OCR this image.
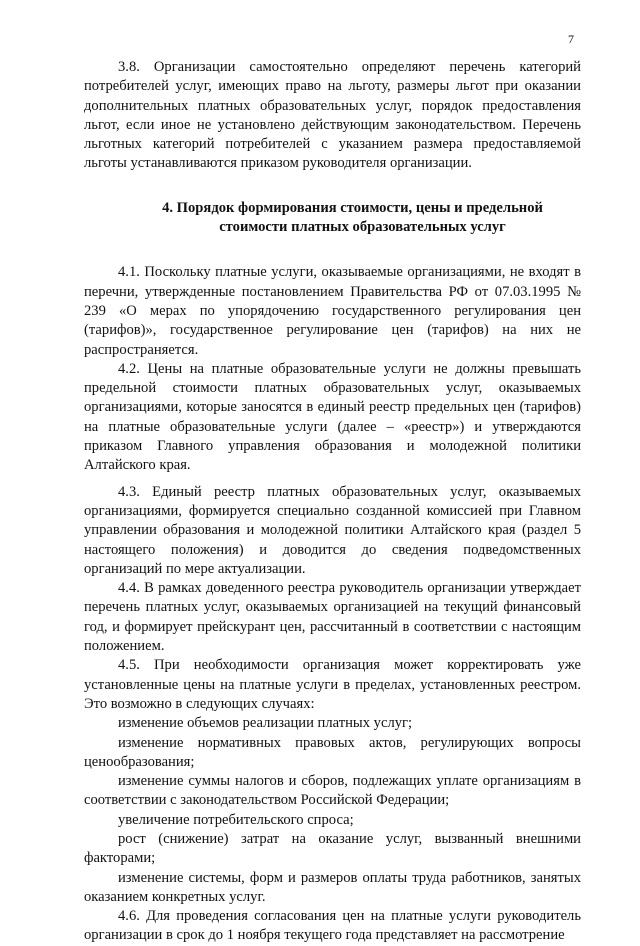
7

3.8. Организации самостоятельно определяют перечень категорий потребителей услуг, имеющих право на льготу, размеры льгот при оказании дополнительных платных образовательных услуг, порядок предоставления льгот, если иное не установлено действующим законодательством. Перечень льготных категорий потребителей с указанием размера предоставляемой льготы устанавливаются приказом руководителя организации.

4. Порядок формирования стоимости, цены и предельной
стоимости платных образовательных услуг

4.1. Поскольку платные услуги, оказываемые организациями, не входят в перечни, утвержденные постановлением Правительства РФ от 07.03.1995 № 239 «О мерах по упорядочению государственного регулирования цен (тарифов)», государственное регулирование цен (тарифов) на них не распространяется.

4.2. Цены на платные образовательные услуги не должны превышать предельной стоимости платных образовательных услуг, оказываемых организациями, которые заносятся в единый реестр предельных цен (тарифов) на платные образовательные услуги (далее – «реестр») и утверждаются приказом Главного управления образования и молодежной политики Алтайского края.

4.3. Единый реестр платных образовательных услуг, оказываемых организациями, формируется специально созданной комиссией при Главном управлении образования и молодежной политики Алтайского края (раздел 5 настоящего положения) и доводится до сведения подведомственных организаций по мере актуализации.

4.4. В рамках доведенного реестра руководитель организации утверждает перечень платных услуг, оказываемых организацией на текущий финансовый год, и формирует прейскурант цен, рассчитанный в соответствии с настоящим положением.

4.5. При необходимости организация может корректировать уже установленные цены на платные услуги в пределах, установленных реестром. Это возможно в следующих случаях:

изменение объемов реализации платных услуг;

изменение нормативных правовых актов, регулирующих вопросы ценообразования;

изменение суммы налогов и сборов, подлежащих уплате организациям в соответствии с законодательством Российской Федерации;

увеличение потребительского спроса;

рост (снижение) затрат на оказание услуг, вызванный внешними факторами;

изменение системы, форм и размеров оплаты труда работников, занятых оказанием конкретных услуг.

4.6. Для проведения согласования цен на платные услуги руководитель организации в срок до 1 ноября текущего года представляет на рассмотрение
